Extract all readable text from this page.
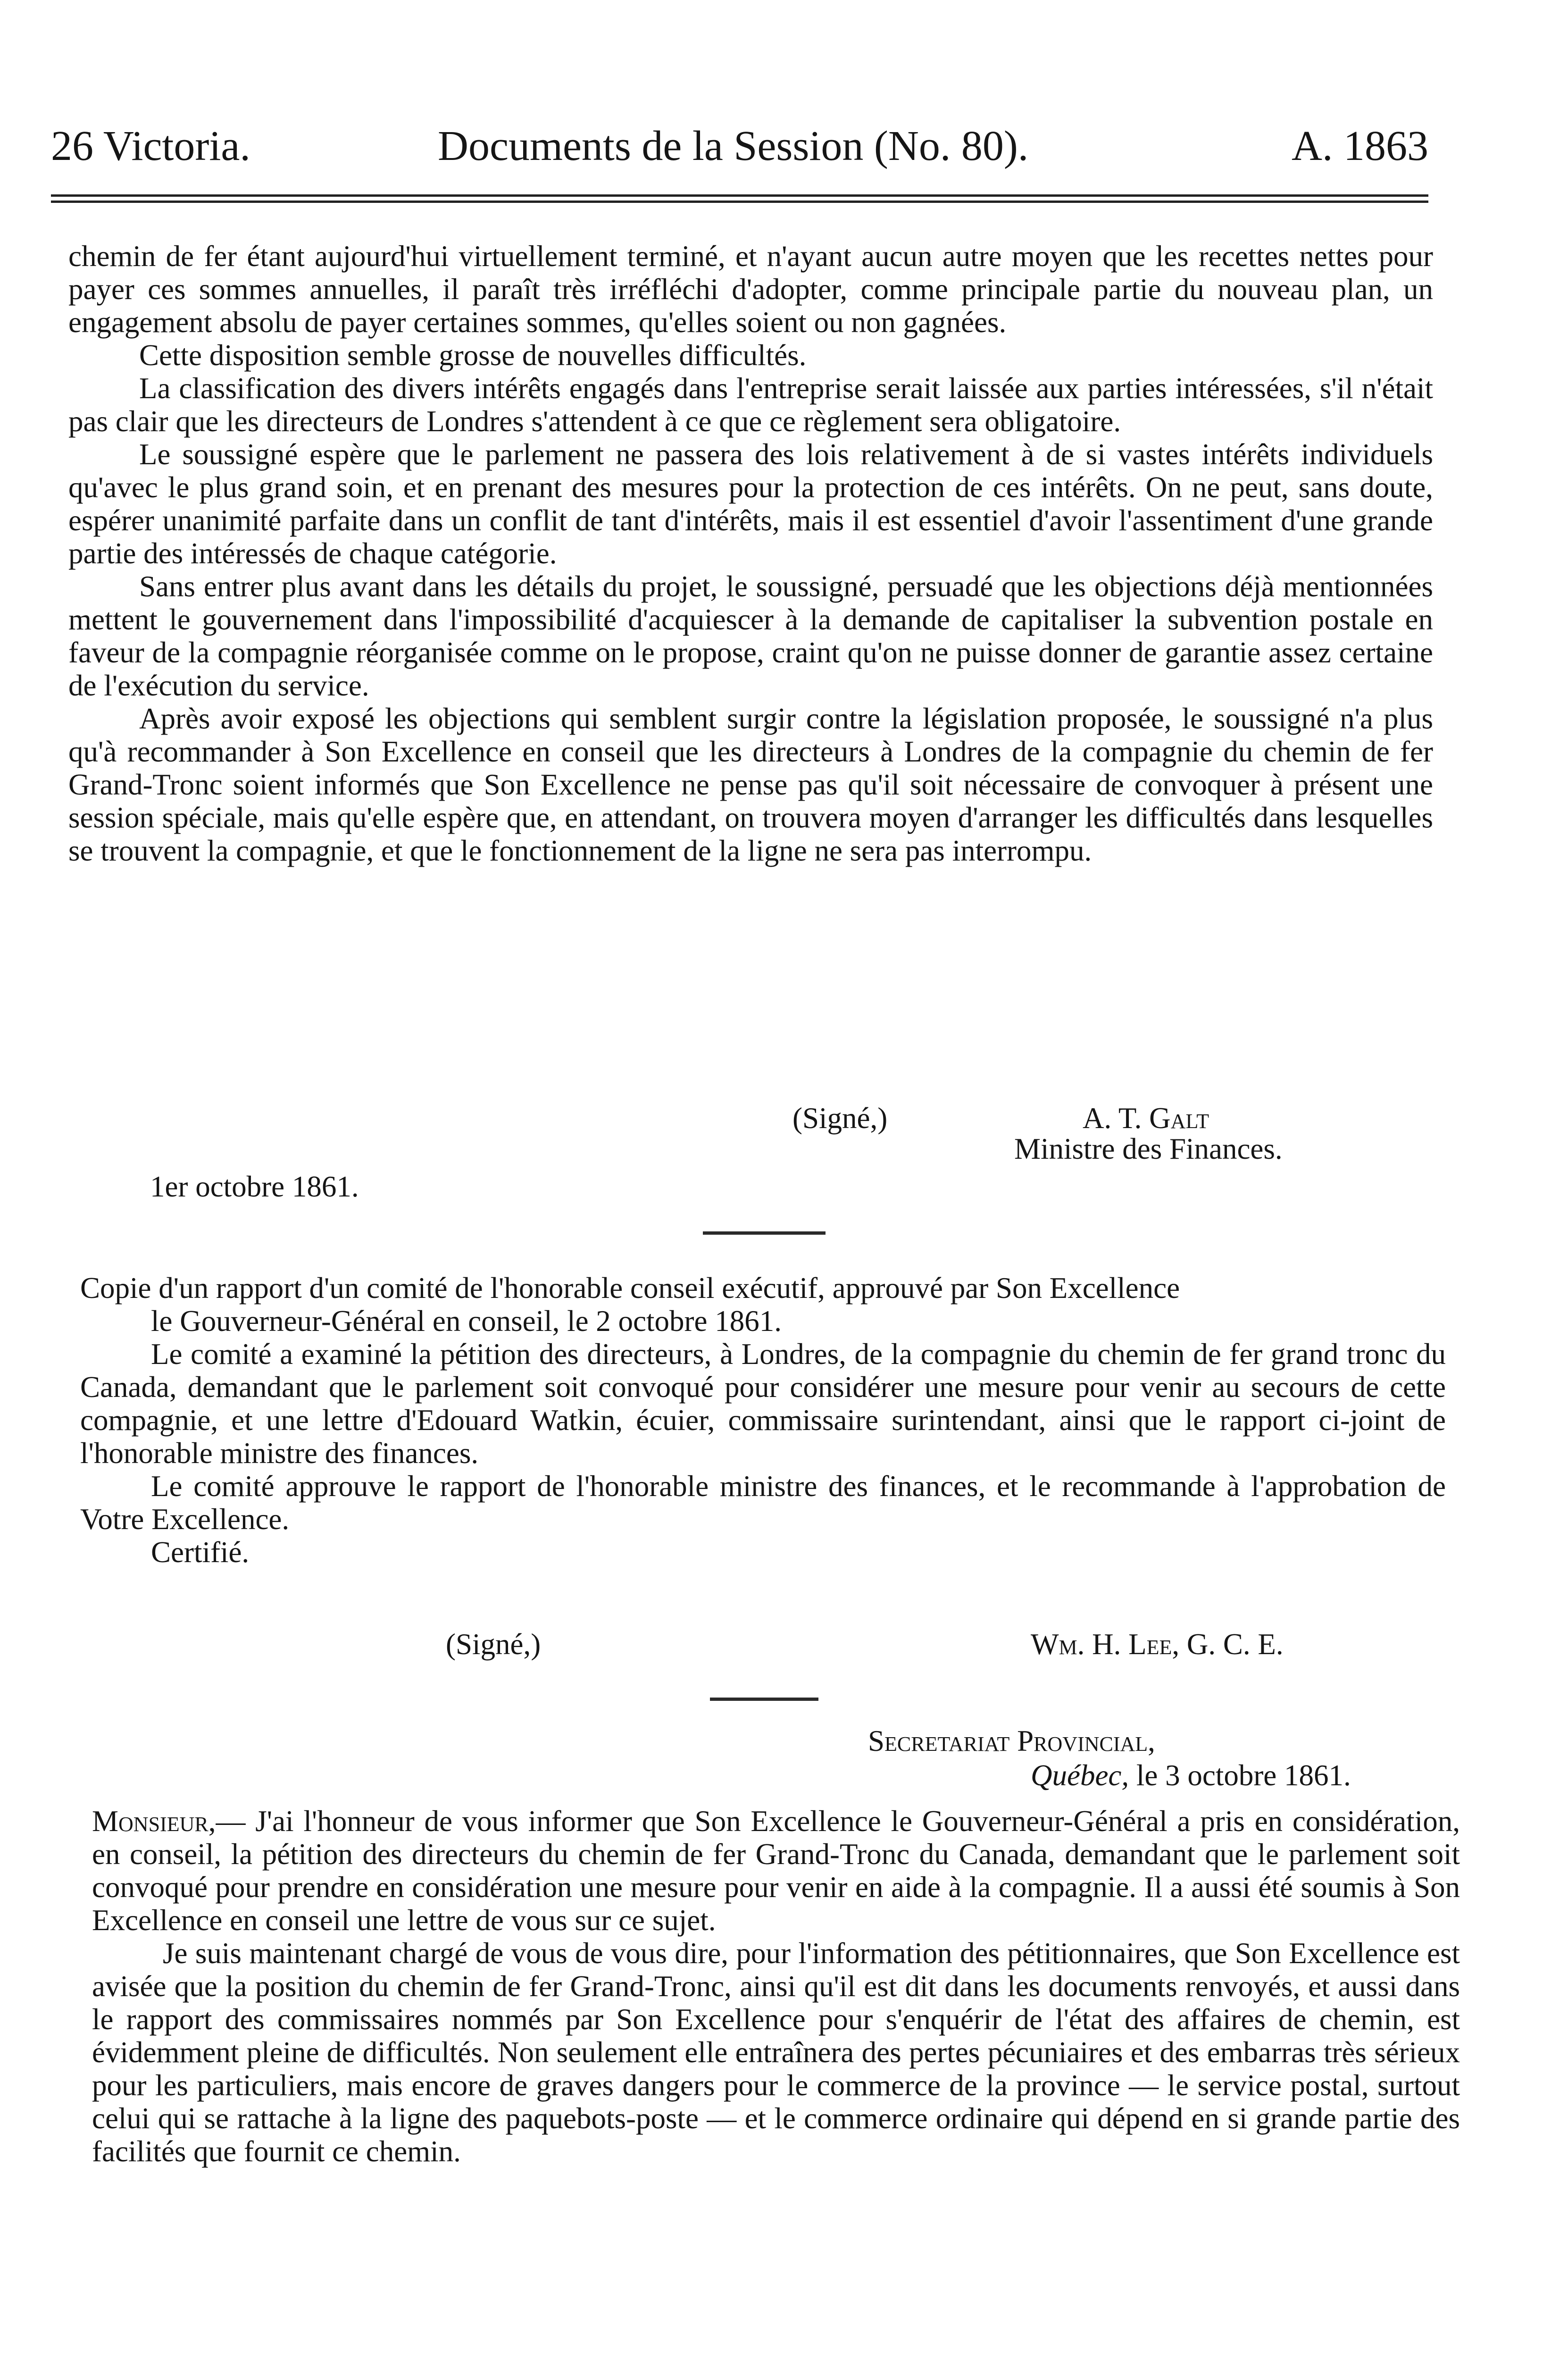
26 Victoria.	Documents de la Session (No. 80).	A. 1863

chemin de fer étant aujourd'hui virtuellement terminé, et n'ayant aucun autre moyen que les recettes nettes pour payer ces sommes annuelles, il paraît très irréfléchi d'adopter, comme principale partie du nouveau plan, un engagement absolu de payer certaines sommes, qu'elles soient ou non gagnées.

Cette disposition semble grosse de nouvelles difficultés.

La classification des divers intérêts engagés dans l'entreprise serait laissée aux parties intéressées, s'il n'était pas clair que les directeurs de Londres s'attendent à ce que ce règlement sera obligatoire.

Le soussigné espère que le parlement ne passera des lois relativement à de si vastes intérêts individuels qu'avec le plus grand soin, et en prenant des mesures pour la protection de ces intérêts. On ne peut, sans doute, espérer unanimité parfaite dans un conflit de tant d'intérêts, mais il est essentiel d'avoir l'assentiment d'une grande partie des intéressés de chaque catégorie.

Sans entrer plus avant dans les détails du projet, le soussigné, persuadé que les objections déjà mentionnées mettent le gouvernement dans l'impossibilité d'acquiescer à la demande de capitaliser la subvention postale en faveur de la compagnie réorganisée comme on le propose, craint qu'on ne puisse donner de garantie assez certaine de l'exécution du service.

Après avoir exposé les objections qui semblent surgir contre la législation proposée, le soussigné n'a plus qu'à recommander à Son Excellence en conseil que les directeurs à Londres de la compagnie du chemin de fer Grand-Tronc soient informés que Son Excellence ne pense pas qu'il soit nécessaire de convoquer à présent une session spéciale, mais qu'elle espère que, en attendant, on trouvera moyen d'arranger les difficultés dans lesquelles se trouvent la compagnie, et que le fonctionnement de la ligne ne sera pas interrompu.

(Signé,)	A. T. Galt
Ministre des Finances.
1er octobre 1861.

Copie d'un rapport d'un comité de l'honorable conseil exécutif, approuvé par Son Excellence

le Gouverneur-Général en conseil, le 2 octobre 1861.

Le comité a examiné la pétition des directeurs, à Londres, de la compagnie du chemin de fer grand tronc du Canada, demandant que le parlement soit convoqué pour considérer une mesure pour venir au secours de cette compagnie, et une lettre d'Edouard Watkin, écuier, commissaire surintendant, ainsi que le rapport ci-joint de l'honorable ministre des finances.

Le comité approuve le rapport de l'honorable ministre des finances, et le recommande à l'approbation de Votre Excellence.

Certifié.

(Signé,)	Wm. H. Lee, G. C. E.
Secretariat Provincial,
Québec, le 3 octobre 1861.

Monsieur,— J'ai l'honneur de vous informer que Son Excellence le Gouverneur-Général a pris en considération, en conseil, la pétition des directeurs du chemin de fer Grand-Tronc du Canada, demandant que le parlement soit convoqué pour prendre en considération une mesure pour venir en aide à la compagnie. Il a aussi été soumis à Son Excellence en conseil une lettre de vous sur ce sujet.

Je suis maintenant chargé de vous de vous dire, pour l'information des pétitionnaires, que Son Excellence est avisée que la position du chemin de fer Grand-Tronc, ainsi qu'il est dit dans les documents renvoyés, et aussi dans le rapport des commissaires nommés par Son Excellence pour s'enquérir de l'état des affaires de chemin, est évidemment pleine de difficultés. Non seulement elle entraînera des pertes pécuniaires et des embarras très sérieux pour les particuliers, mais encore de graves dangers pour le commerce de la province — le service postal, surtout celui qui se rattache à la ligne des paquebots-poste — et le commerce ordinaire qui dépend en si grande partie des facilités que fournit ce chemin.
